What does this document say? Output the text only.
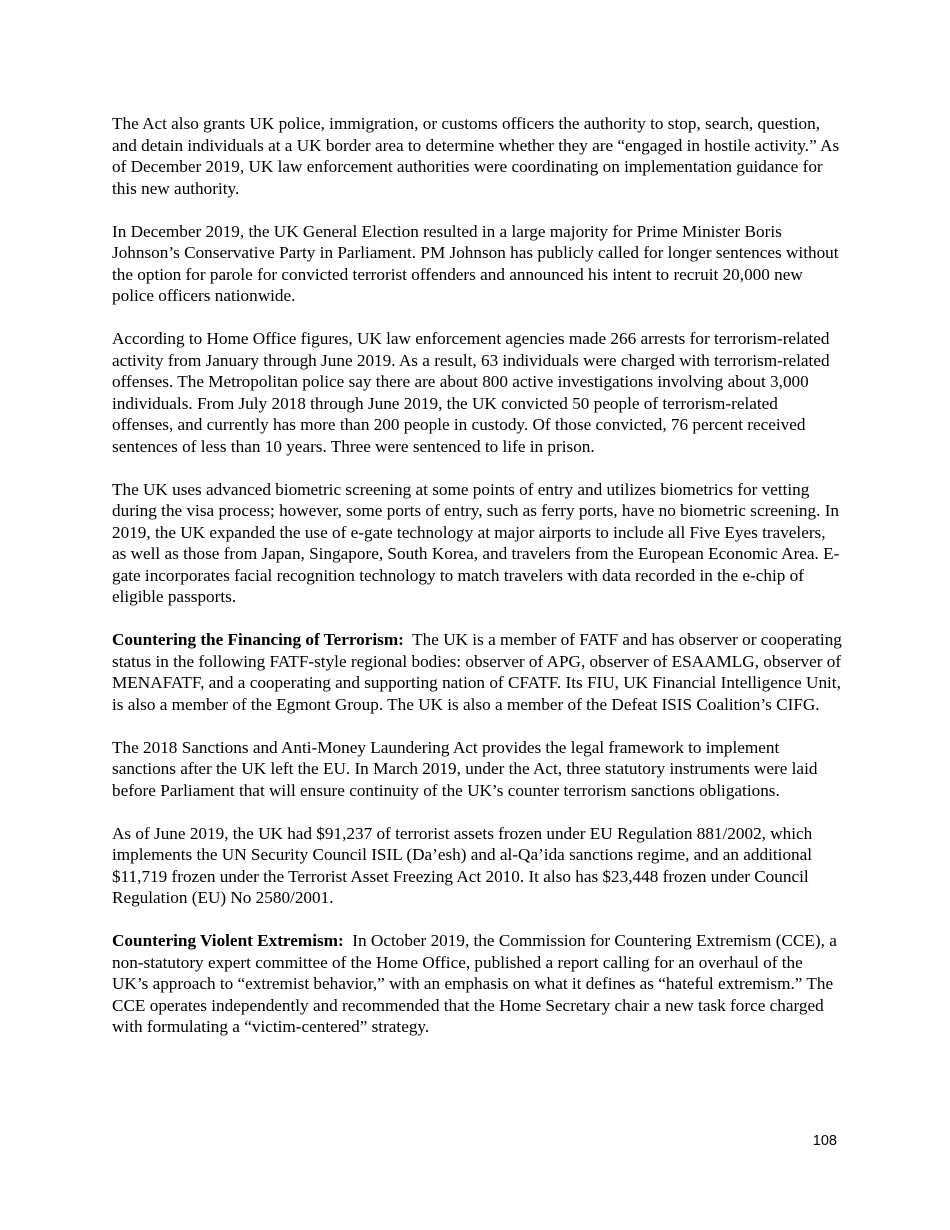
The Act also grants UK police, immigration, or customs officers the authority to stop, search, question, and detain individuals at a UK border area to determine whether they are “engaged in hostile activity.” As of December 2019, UK law enforcement authorities were coordinating on implementation guidance for this new authority.

In December 2019, the UK General Election resulted in a large majority for Prime Minister Boris Johnson’s Conservative Party in Parliament. PM Johnson has publicly called for longer sentences without the option for parole for convicted terrorist offenders and announced his intent to recruit 20,000 new police officers nationwide.

According to Home Office figures, UK law enforcement agencies made 266 arrests for terrorism-related activity from January through June 2019. As a result, 63 individuals were charged with terrorism-related offenses. The Metropolitan police say there are about 800 active investigations involving about 3,000 individuals. From July 2018 through June 2019, the UK convicted 50 people of terrorism-related offenses, and currently has more than 200 people in custody. Of those convicted, 76 percent received sentences of less than 10 years. Three were sentenced to life in prison.

The UK uses advanced biometric screening at some points of entry and utilizes biometrics for vetting during the visa process; however, some ports of entry, such as ferry ports, have no biometric screening. In 2019, the UK expanded the use of e-gate technology at major airports to include all Five Eyes travelers, as well as those from Japan, Singapore, South Korea, and travelers from the European Economic Area. E-gate incorporates facial recognition technology to match travelers with data recorded in the e-chip of eligible passports.

Countering the Financing of Terrorism: The UK is a member of FATF and has observer or cooperating status in the following FATF-style regional bodies: observer of APG, observer of ESAAMLG, observer of MENAFATF, and a cooperating and supporting nation of CFATF. Its FIU, UK Financial Intelligence Unit, is also a member of the Egmont Group. The UK is also a member of the Defeat ISIS Coalition’s CIFG.

The 2018 Sanctions and Anti-Money Laundering Act provides the legal framework to implement sanctions after the UK left the EU. In March 2019, under the Act, three statutory instruments were laid before Parliament that will ensure continuity of the UK’s counter terrorism sanctions obligations.

As of June 2019, the UK had $91,237 of terrorist assets frozen under EU Regulation 881/2002, which implements the UN Security Council ISIL (Da’esh) and al-Qa’ida sanctions regime, and an additional $11,719 frozen under the Terrorist Asset Freezing Act 2010. It also has $23,448 frozen under Council Regulation (EU) No 2580/2001.

Countering Violent Extremism: In October 2019, the Commission for Countering Extremism (CCE), a non-statutory expert committee of the Home Office, published a report calling for an overhaul of the UK’s approach to “extremist behavior,” with an emphasis on what it defines as “hateful extremism.” The CCE operates independently and recommended that the Home Secretary chair a new task force charged with formulating a “victim-centered” strategy.

108
